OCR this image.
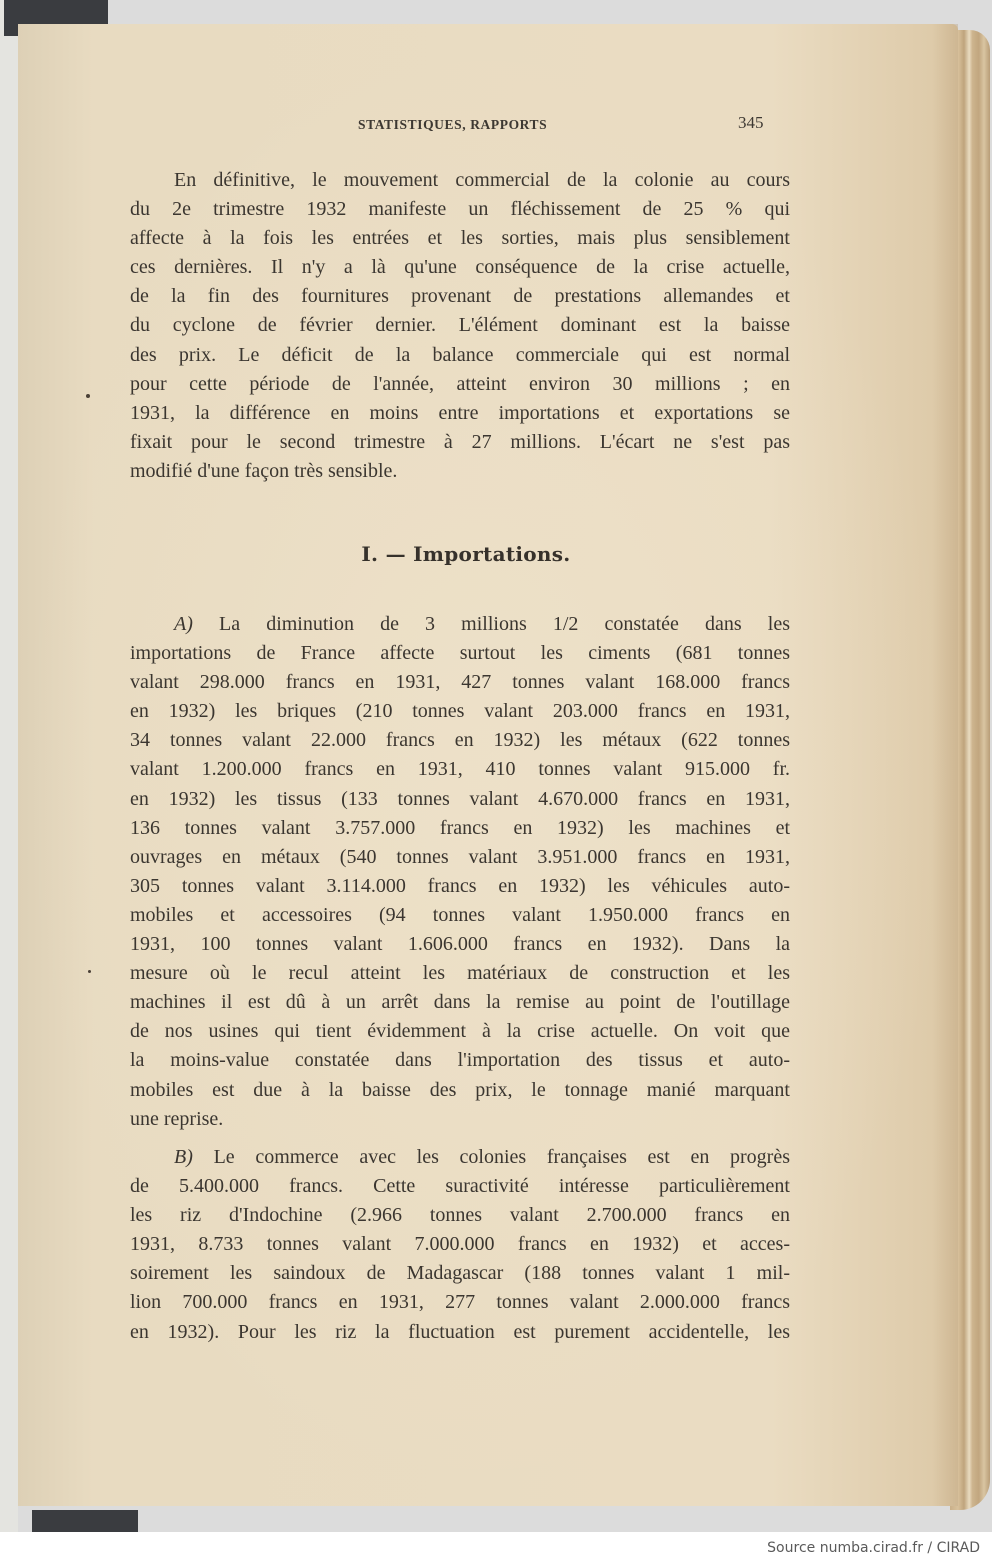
STATISTIQUES, RAPPORTS	345
En définitive, le mouvement commercial de la colonie au cours
du 2e trimestre 1932 manifeste un fléchissement de 25 % qui
affecte à la fois les entrées et les sorties, mais plus sensiblement
ces dernières. Il n'y a là qu'une conséquence de la crise actuelle,
de la fin des fournitures provenant de prestations allemandes et
du cyclone de février dernier. L'élément dominant est la baisse
des prix. Le déficit de la balance commerciale qui est normal
pour cette période de l'année, atteint environ 30 millions ; en
1931, la différence en moins entre importations et exportations se
fixait pour le second trimestre à 27 millions. L'écart ne s'est pas
modifié d'une façon très sensible.
I. — Importations.
A) La diminution de 3 millions 1/2 constatée dans les
importations de France affecte surtout les ciments (681 tonnes
valant 298.000 francs en 1931, 427 tonnes valant 168.000 francs
en 1932) les briques (210 tonnes valant 203.000 francs en 1931,
34 tonnes valant 22.000 francs en 1932) les métaux (622 tonnes
valant 1.200.000 francs en 1931, 410 tonnes valant 915.000 fr.
en 1932) les tissus (133 tonnes valant 4.670.000 francs en 1931,
136 tonnes valant 3.757.000 francs en 1932) les machines et
ouvrages en métaux (540 tonnes valant 3.951.000 francs en 1931,
305 tonnes valant 3.114.000 francs en 1932) les véhicules auto-
mobiles et accessoires (94 tonnes valant 1.950.000 francs en
1931, 100 tonnes valant 1.606.000 francs en 1932). Dans la
mesure où le recul atteint les matériaux de construction et les
machines il est dû à un arrêt dans la remise au point de l'outillage
de nos usines qui tient évidemment à la crise actuelle. On voit que
la moins-value constatée dans l'importation des tissus et auto-
mobiles est due à la baisse des prix, le tonnage manié marquant
une reprise.
B) Le commerce avec les colonies françaises est en progrès
de 5.400.000 francs. Cette suractivité intéresse particulièrement
les riz d'Indochine (2.966 tonnes valant 2.700.000 francs en
1931, 8.733 tonnes valant 7.000.000 francs en 1932) et acces-
soirement les saindoux de Madagascar (188 tonnes valant 1 mil-
lion 700.000 francs en 1931, 277 tonnes valant 2.000.000 francs
en 1932). Pour les riz la fluctuation est purement accidentelle, les
Source numba.cirad.fr / CIRAD
